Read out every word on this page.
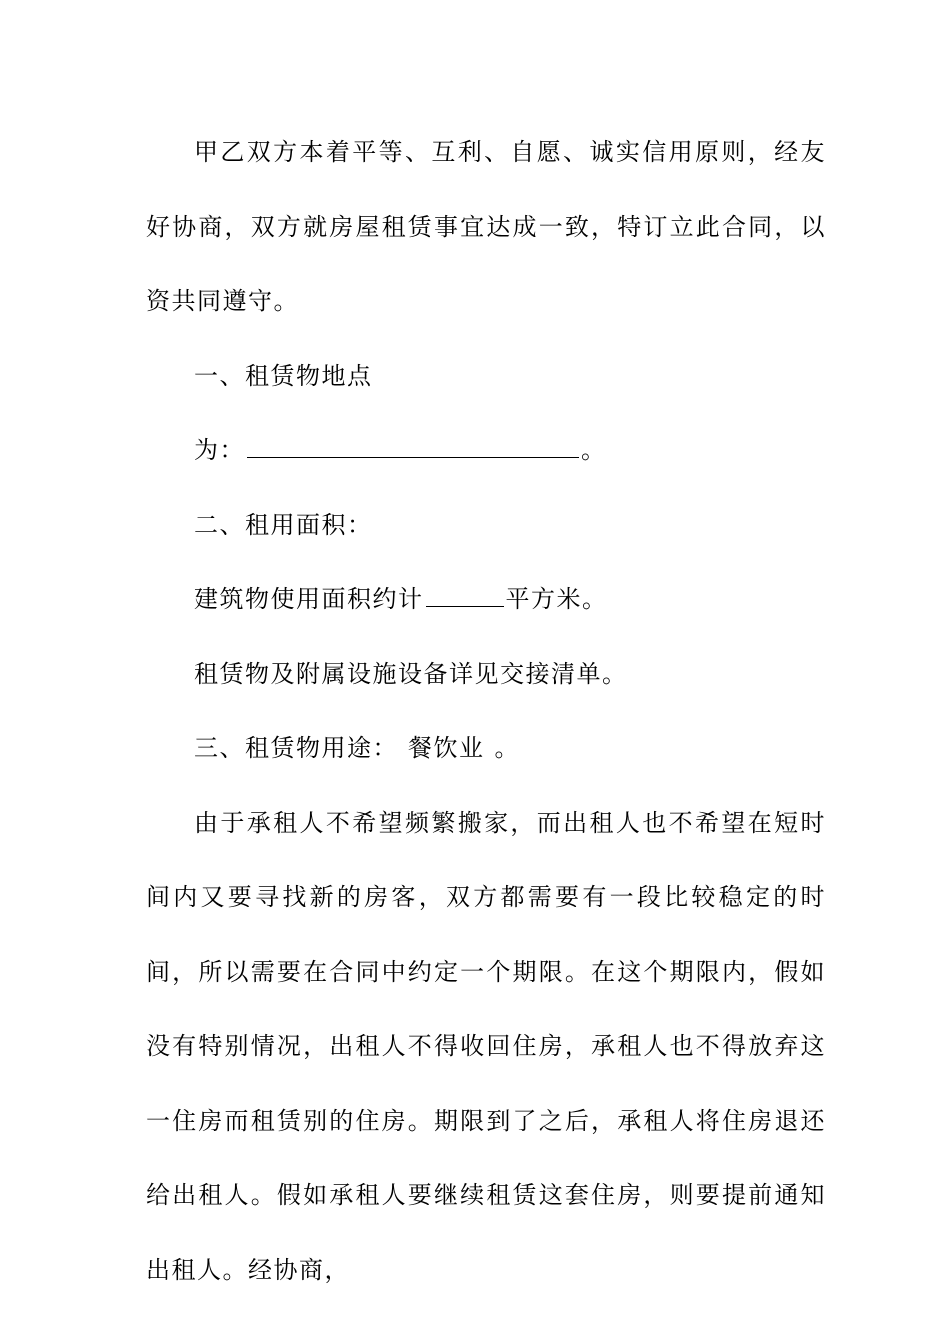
甲乙双方本着平等、互利、自愿、诚实信用原则，经友好协商，双方就房屋租赁事宜达成一致，特订立此合同，以资共同遵守。

一、租赁物地点

为：	。

二、租用面积：

建筑物使用面积约计	平方米。

租赁物及附属设施设备详见交接清单。

三、租赁物用途： 餐饮业 。

由于承租人不希望频繁搬家，而出租人也不希望在短时间内又要寻找新的房客，双方都需要有一段比较稳定的时间，所以需要在合同中约定一个期限。在这个期限内，假如没有特别情况，出租人不得收回住房，承租人也不得放弃这一住房而租赁别的住房。期限到了之后，承租人将住房退还给出租人。假如承租人要继续租赁这套住房，则要提前通知出租人。经协商，
